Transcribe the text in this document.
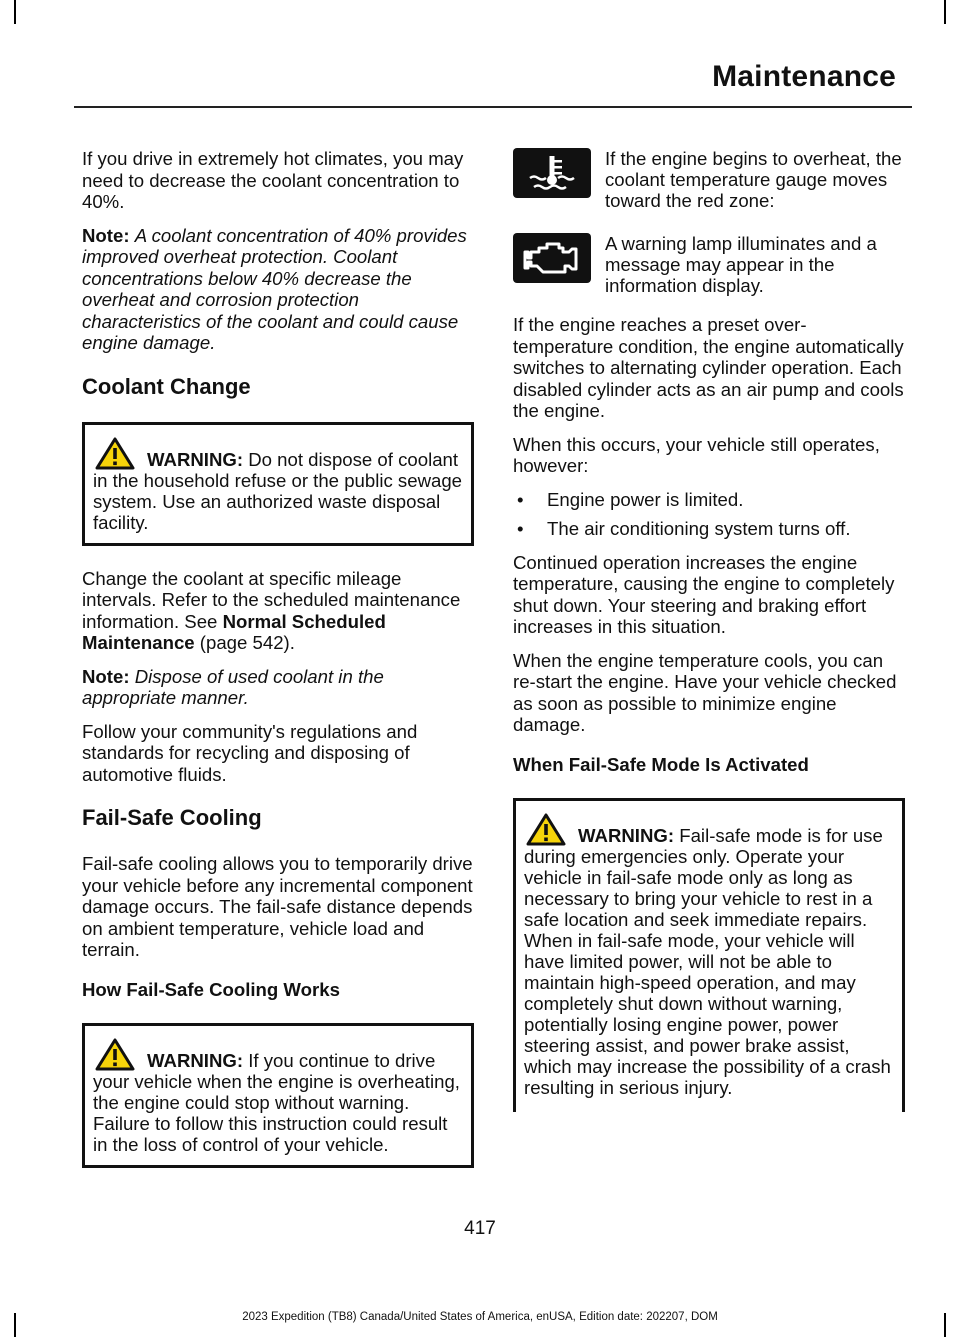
Maintenance

If you drive in extremely hot climates, you may need to decrease the coolant concentration to 40%.

Note: A coolant concentration of 40% provides improved overheat protection. Coolant concentrations below 40% decrease the overheat and corrosion protection characteristics of the coolant and could cause engine damage.

Coolant Change
WARNING: Do not dispose of coolant in the household refuse or the public sewage system. Use an authorized waste disposal facility.

Change the coolant at specific mileage intervals. Refer to the scheduled maintenance information. See Normal Scheduled Maintenance (page 542).

Note: Dispose of used coolant in the appropriate manner.

Follow your community's regulations and standards for recycling and disposing of automotive fluids.

Fail-Safe Cooling

Fail-safe cooling allows you to temporarily drive your vehicle before any incremental component damage occurs. The fail-safe distance depends on ambient temperature, vehicle load and terrain.

How Fail-Safe Cooling Works
WARNING: If you continue to drive your vehicle when the engine is overheating, the engine could stop without warning. Failure to follow this instruction could result in the loss of control of your vehicle.
If the engine begins to overheat, the coolant temperature gauge moves toward the red zone:
A warning lamp illuminates and a message may appear in the information display.

If the engine reaches a preset over-temperature condition, the engine automatically switches to alternating cylinder operation. Each disabled cylinder acts as an air pump and cools the engine.

When this occurs, your vehicle still operates, however:

• Engine power is limited.
• The air conditioning system turns off.

Continued operation increases the engine temperature, causing the engine to completely shut down. Your steering and braking effort increases in this situation.

When the engine temperature cools, you can re-start the engine. Have your vehicle checked as soon as possible to minimize engine damage.

When Fail-Safe Mode Is Activated
WARNING: Fail-safe mode is for use during emergencies only. Operate your vehicle in fail-safe mode only as long as necessary to bring your vehicle to rest in a safe location and seek immediate repairs. When in fail-safe mode, your vehicle will have limited power, will not be able to maintain high-speed operation, and may completely shut down without warning, potentially losing engine power, power steering assist, and power brake assist, which may increase the possibility of a crash resulting in serious injury.
417
2023 Expedition (TB8) Canada/United States of America, enUSA, Edition date: 202207, DOM
